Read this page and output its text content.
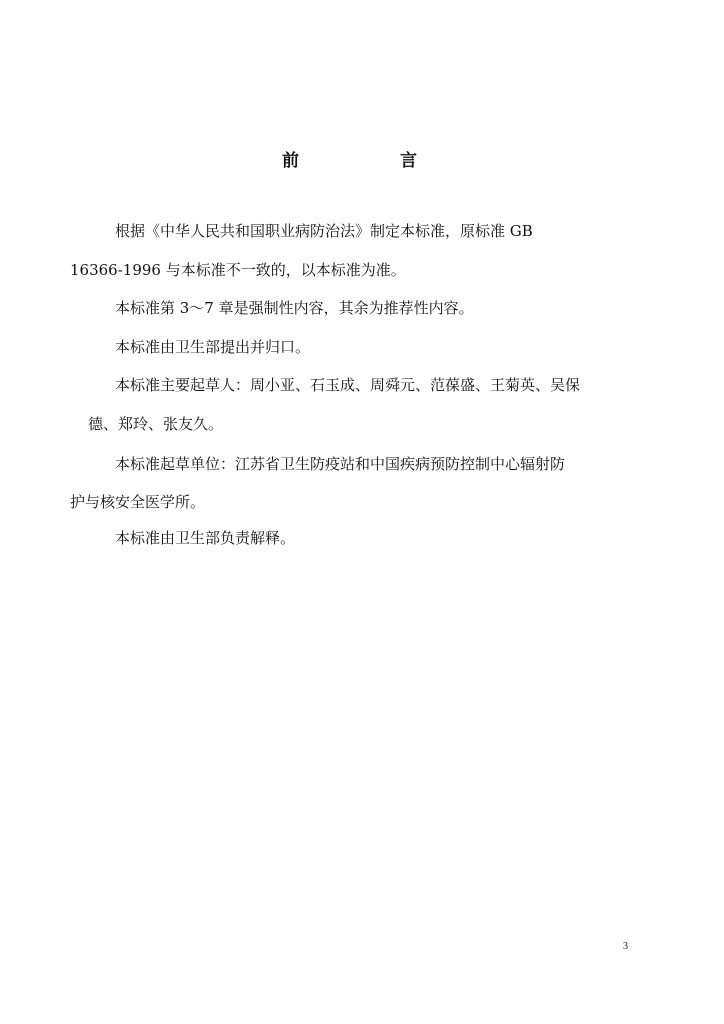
前	言
根据《中华人民共和国职业病防治法》制定本标准，原标准 GB
16366-1996 与本标准不一致的，以本标准为准。
本标准第 3～7 章是强制性内容，其余为推荐性内容。
本标准由卫生部提出并归口。
本标准主要起草人：周小亚、石玉成、周舜元、范葆盛、王菊英、吴保
德、郑玲、张友久。
本标准起草单位：江苏省卫生防疫站和中国疾病预防控制中心辐射防
护与核安全医学所。
本标准由卫生部负责解释。
3
